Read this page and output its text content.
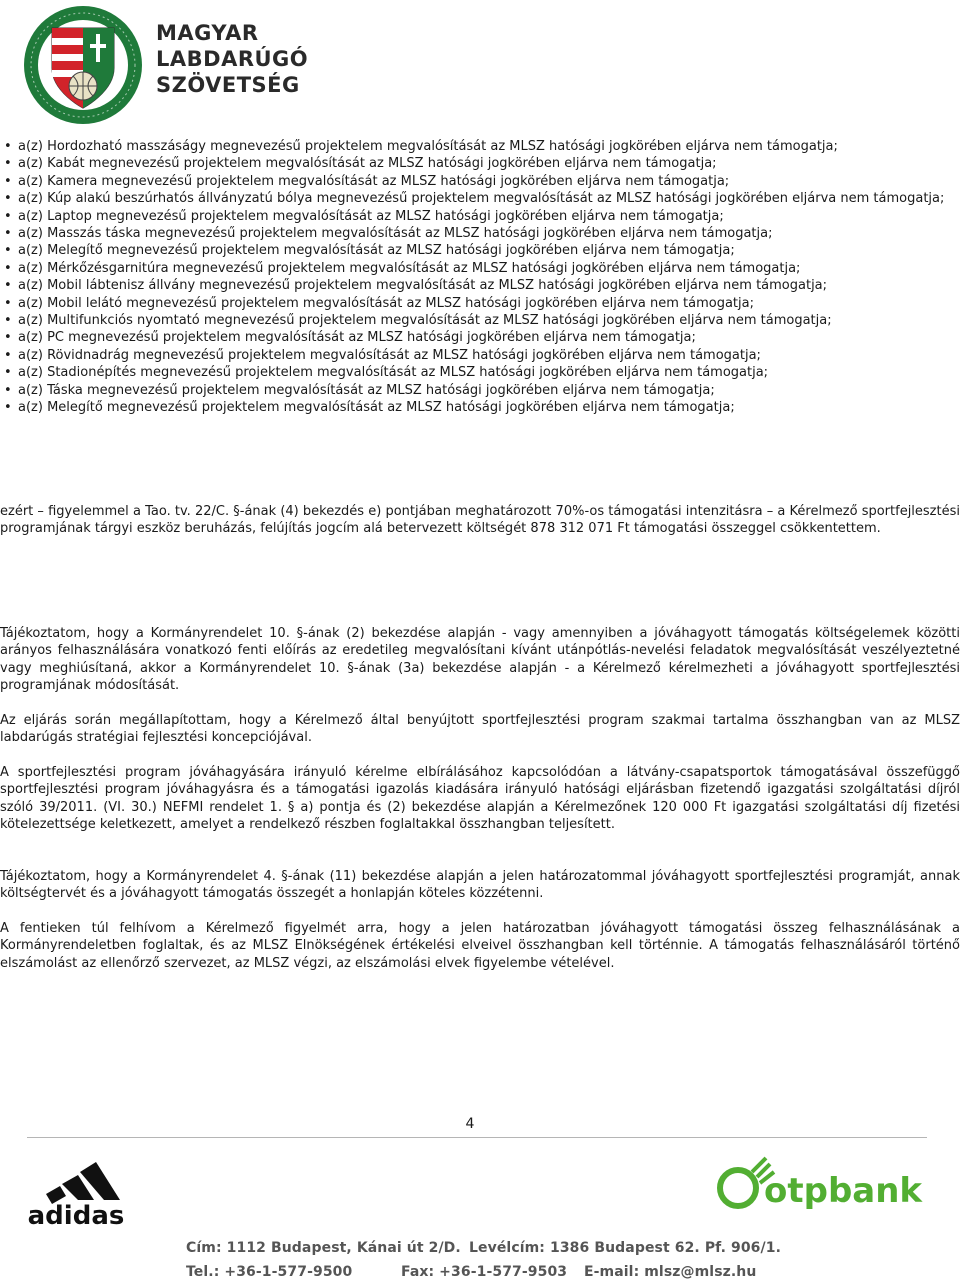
MAGYAR
LABDARÚGÓ
SZÖVETSÉG
• a(z) Hordozható masszáságy megnevezésű projektelem megvalósítását az MLSZ hatósági jogkörében eljárva nem támogatja;
• a(z) Kabát megnevezésű projektelem megvalósítását az MLSZ hatósági jogkörében eljárva nem támogatja;
• a(z) Kamera megnevezésű projektelem megvalósítását az MLSZ hatósági jogkörében eljárva nem támogatja;
• a(z) Kúp alakú beszúrhatós állványzatú bólya megnevezésű projektelem megvalósítását az MLSZ hatósági jogkörében eljárva nem támogatja;
• a(z) Laptop megnevezésű projektelem megvalósítását az MLSZ hatósági jogkörében eljárva nem támogatja;
• a(z) Masszás táska megnevezésű projektelem megvalósítását az MLSZ hatósági jogkörében eljárva nem támogatja;
• a(z) Melegítő megnevezésű projektelem megvalósítását az MLSZ hatósági jogkörében eljárva nem támogatja;
• a(z) Mérkőzésgarnitúra megnevezésű projektelem megvalósítását az MLSZ hatósági jogkörében eljárva nem támogatja;
• a(z) Mobil lábtenisz állvány megnevezésű projektelem megvalósítását az MLSZ hatósági jogkörében eljárva nem támogatja;
• a(z) Mobil lelátó megnevezésű projektelem megvalósítását az MLSZ hatósági jogkörében eljárva nem támogatja;
• a(z) Multifunkciós nyomtató megnevezésű projektelem megvalósítását az MLSZ hatósági jogkörében eljárva nem támogatja;
• a(z) PC megnevezésű projektelem megvalósítását az MLSZ hatósági jogkörében eljárva nem támogatja;
• a(z) Rövidnadrág megnevezésű projektelem megvalósítását az MLSZ hatósági jogkörében eljárva nem támogatja;
• a(z) Stadionépítés megnevezésű projektelem megvalósítását az MLSZ hatósági jogkörében eljárva nem támogatja;
• a(z) Táska megnevezésű projektelem megvalósítását az MLSZ hatósági jogkörében eljárva nem támogatja;
• a(z) Melegítő megnevezésű projektelem megvalósítását az MLSZ hatósági jogkörében eljárva nem támogatja;

ezért – figyelemmel a Tao. tv. 22/C. §-ának (4) bekezdés e) pontjában meghatározott 70%-os támogatási intenzitásra – a Kérelmező sportfejlesztési programjának tárgyi eszköz beruházás, felújítás jogcím alá betervezett költségét 878 312 071 Ft támogatási összeggel csökkentettem.

Tájékoztatom, hogy a Kormányrendelet 10. §-ának (2) bekezdése alapján - vagy amennyiben a jóváhagyott támogatás költségelemek közötti arányos felhasználására vonatkozó fenti előírás az eredetileg megvalósítani kívánt utánpótlás-nevelési feladatok megvalósítását veszélyeztetné vagy meghiúsítaná, akkor a Kormányrendelet 10. §-ának (3a) bekezdése alapján - a Kérelmező kérelmezheti a jóváhagyott sportfejlesztési programjának módosítását.

Az eljárás során megállapítottam, hogy a Kérelmező által benyújtott sportfejlesztési program szakmai tartalma összhangban van az MLSZ labdarúgás stratégiai fejlesztési koncepciójával.

A sportfejlesztési program jóváhagyására irányuló kérelme elbírálásához kapcsolódóan a látvány-csapatsportok támogatásával összefüggő sportfejlesztési program jóváhagyásra és a támogatási igazolás kiadására irányuló hatósági eljárásban fizetendő igazgatási szolgáltatási díjról szóló 39/2011. (VI. 30.) NEFMI rendelet 1. § a) pontja és (2) bekezdése alapján a Kérelmezőnek 120 000 Ft igazgatási szolgáltatási díj fizetési kötelezettsége keletkezett, amelyet a rendelkező részben foglaltakkal összhangban teljesített.

Tájékoztatom, hogy a Kormányrendelet 4. §-ának (11) bekezdése alapján a jelen határozatommal jóváhagyott sportfejlesztési programját, annak költségtervét és a jóváhagyott támogatás összegét a honlapján köteles közzétenni.

A fentieken túl felhívom a Kérelmező figyelmét arra, hogy a jelen határozatban jóváhagyott támogatási összeg felhasználásának a Kormányrendeletben foglaltak, és az MLSZ Elnökségének értékelési elveivel összhangban kell történnie. A támogatás felhasználásáról történő elszámolást az ellenőrző szervezet, az MLSZ végzi, az elszámolási elvek figyelembe vételével.

4
adidas
otpbank
Cím: 1112 Budapest, Kánai út 2/D. Levélcím: 1386 Budapest 62. Pf. 906/1.
Tel.: +36-1-577-9500	Fax: +36-1-577-9503 E-mail: mlsz@mlsz.hu
